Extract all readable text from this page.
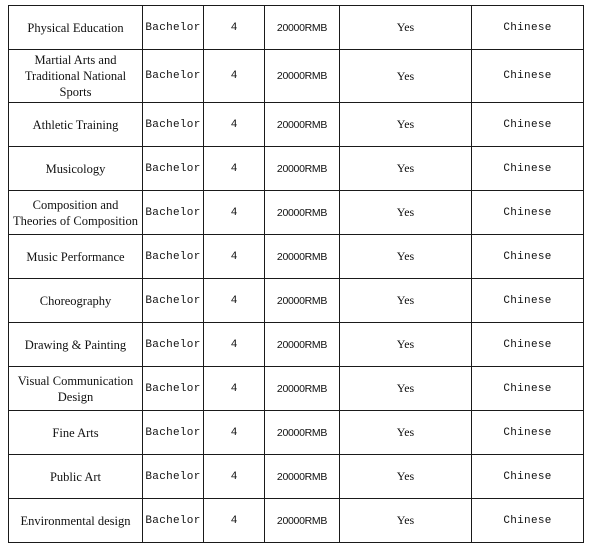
Physical Education	Bachelor	4	20000RMB	Yes	Chinese
Martial Arts and Traditional National Sports	Bachelor	4	20000RMB	Yes	Chinese
Athletic Training	Bachelor	4	20000RMB	Yes	Chinese
Musicology	Bachelor	4	20000RMB	Yes	Chinese
Composition and Theories of Composition	Bachelor	4	20000RMB	Yes	Chinese
Music Performance	Bachelor	4	20000RMB	Yes	Chinese
Choreography	Bachelor	4	20000RMB	Yes	Chinese
Drawing & Painting	Bachelor	4	20000RMB	Yes	Chinese
Visual Communication Design	Bachelor	4	20000RMB	Yes	Chinese
Fine Arts	Bachelor	4	20000RMB	Yes	Chinese
Public Art	Bachelor	4	20000RMB	Yes	Chinese
Environmental design	Bachelor	4	20000RMB	Yes	Chinese
